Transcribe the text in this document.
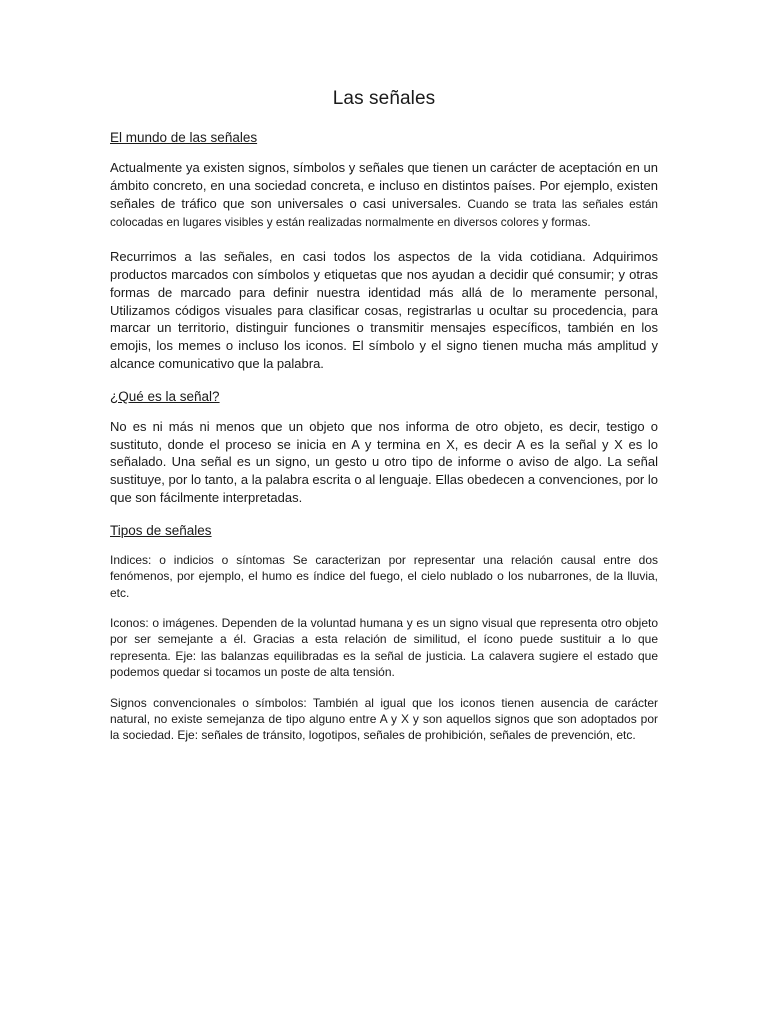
Las señales
El mundo de las señales

Actualmente ya existen signos, símbolos y señales que tienen un carácter de aceptación en un ámbito concreto, en una sociedad concreta, e incluso en distintos países. Por ejemplo, existen señales de tráfico que son universales o casi universales. Cuando se trata las señales están colocadas en lugares visibles y están realizadas normalmente en diversos colores y formas.

Recurrimos a las señales, en casi todos los aspectos de la vida cotidiana. Adquirimos productos marcados con símbolos y etiquetas que nos ayudan a decidir qué consumir; y otras formas de marcado para definir nuestra identidad más allá de lo meramente personal, Utilizamos códigos visuales para clasificar cosas, registrarlas u ocultar su procedencia, para marcar un territorio, distinguir funciones o transmitir mensajes específicos, también en los emojis, los memes o incluso los iconos. El símbolo y el signo tienen mucha más amplitud y alcance comunicativo que la palabra.

¿Qué es la señal?

No es ni más ni menos que un objeto que nos informa de otro objeto, es decir, testigo o sustituto, donde el proceso se inicia en A y termina en X, es decir A es la señal y X es lo señalado. Una señal es un signo, un gesto u otro tipo de informe o aviso de algo. La señal sustituye, por lo tanto, a la palabra escrita o al lenguaje. Ellas obedecen a convenciones, por lo que son fácilmente interpretadas.

Tipos de señales

Indices: o indicios o síntomas Se caracterizan por representar una relación causal entre dos fenómenos, por ejemplo, el humo es índice del fuego, el cielo nublado o los nubarrones, de la lluvia, etc.

Iconos: o imágenes. Dependen de la voluntad humana y es un signo visual que representa otro objeto por ser semejante a él. Gracias a esta relación de similitud, el ícono puede sustituir a lo que representa. Eje: las balanzas equilibradas es la señal de justicia. La calavera sugiere el estado que podemos quedar si tocamos un poste de alta tensión.

Signos convencionales o símbolos: También al igual que los iconos tienen ausencia de carácter natural, no existe semejanza de tipo alguno entre A y X y son aquellos signos que son adoptados por la sociedad. Eje: señales de tránsito, logotipos, señales de prohibición, señales de prevención, etc.
